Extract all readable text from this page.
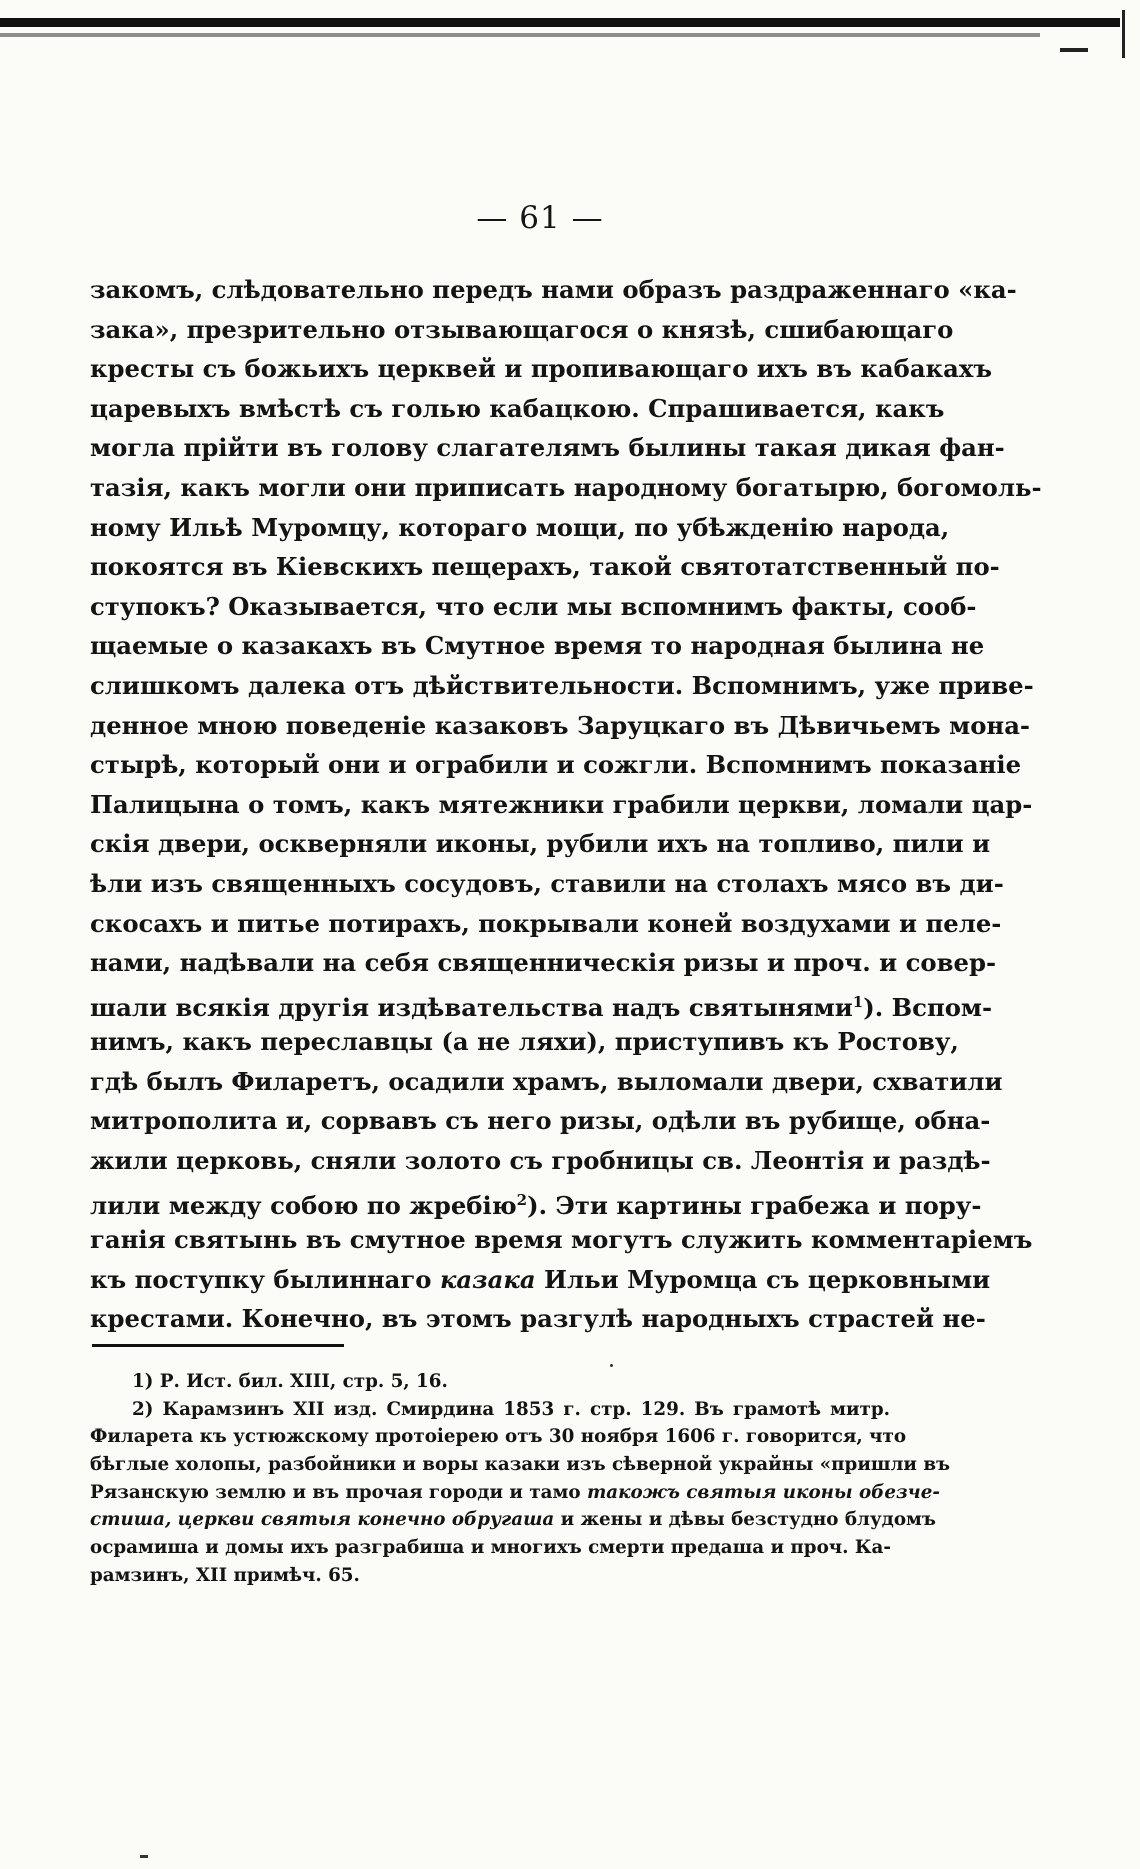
— 61 —
закомъ, слѣдовательно передъ нами образъ раздраженнаго «ка-
зака», презрительно отзывающагося о князѣ, сшибающаго
кресты съ божьихъ церквей и пропивающаго ихъ въ кабакахъ
царевыхъ вмѣстѣ съ голью кабацкою. Спрашивается, какъ
могла прійти въ голову слагателямъ былины такая дикая фан-
тазія, какъ могли они приписать народному богатырю, богомоль-
ному Ильѣ Муромцу, котораго мощи, по убѣжденію народа,
покоятся въ Кіевскихъ пещерахъ, такой святотатственный по-
ступокъ? Оказывается, что если мы вспомнимъ факты, сооб-
щаемые о казакахъ въ Смутное время то народная былина не
слишкомъ далека отъ дѣйствительности. Вспомнимъ, уже приве-
денное мною поведеніе казаковъ Заруцкаго въ Дѣвичьемъ мона-
стырѣ, который они и ограбили и сожгли. Вспомнимъ показаніе
Палицына о томъ, какъ мятежники грабили церкви, ломали цар-
скія двери, оскверняли иконы, рубили ихъ на топливо, пили и
ѣли изъ священныхъ сосудовъ, ставили на столахъ мясо въ ди-
скосахъ и питье потирахъ, покрывали коней воздухами и пеле-
нами, надѣвали на себя священническія ризы и проч. и совер-
шали всякія другія издѣвательства надъ святынями$^1$). Вспом-
нимъ, какъ переславцы (а не ляхи), приступивъ къ Ростову,
гдѣ былъ Филаретъ, осадили храмъ, выломали двери, схватили
митрополита и, сорвавъ съ него ризы, одѣли въ рубище, обна-
жили церковь, сняли золото съ гробницы св. Леонтія и раздѣ-
лили между собою по жребію$^2$). Эти картины грабежа и пору-
ганія святынь въ смутное время могутъ служить комментаріемъ
къ поступку былиннаго казака Ильи Муромца съ церковными
крестами. Конечно, въ этомъ разгулѣ народныхъ страстей не-
1) Р. Ист. бил. XIII, стр. 5, 16.
2) Карамзинъ XII изд. Смирдина 1853 г. стр. 129. Въ грамотѣ митр.
Филарета къ устюжскому протоіерею отъ 30 ноября 1606 г. говорится, что
бѣглые холопы, разбойники и воры казаки изъ сѣверной украйны «пришли въ
Рязанскую землю и въ прочая городи и тамо такожъ святыя иконы обезче-
стиша, церкви святыя конечно обругаша и жены и дѣвы безстудно блудомъ
осрамиша и домы ихъ разграбиша и многихъ смерти предаша и проч. Ка-
рамзинъ, XII примѣч. 65.
